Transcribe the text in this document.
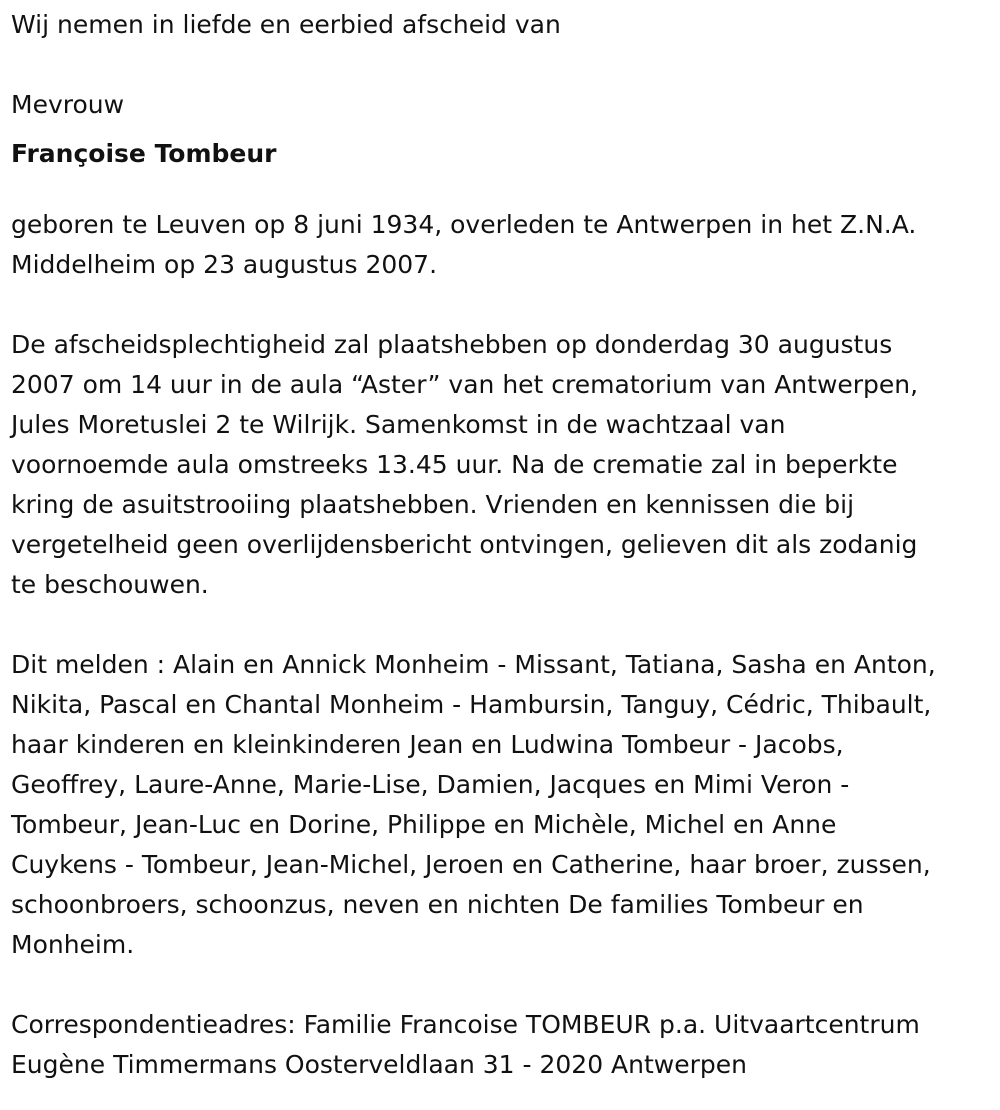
Wij nemen in liefde en eerbied afscheid van
Mevrouw
Françoise Tombeur
geboren te Leuven op 8 juni 1934, overleden te Antwerpen in het Z.N.A.
Middelheim op 23 augustus 2007.
De afscheidsplechtigheid zal plaatshebben op donderdag 30 augustus
2007 om 14 uur in de aula “Aster” van het crematorium van Antwerpen,
Jules Moretuslei 2 te Wilrijk. Samenkomst in de wachtzaal van
voornoemde aula omstreeks 13.45 uur. Na de crematie zal in beperkte
kring de asuitstrooiing plaatshebben. Vrienden en kennissen die bij
vergetelheid geen overlijdensbericht ontvingen, gelieven dit als zodanig
te beschouwen.
Dit melden : Alain en Annick Monheim - Missant, Tatiana, Sasha en Anton,
Nikita, Pascal en Chantal Monheim - Hambursin, Tanguy, Cédric, Thibault,
haar kinderen en kleinkinderen Jean en Ludwina Tombeur - Jacobs,
Geoffrey, Laure-Anne, Marie-Lise, Damien, Jacques en Mimi Veron -
Tombeur, Jean-Luc en Dorine, Philippe en Michèle, Michel en Anne
Cuykens - Tombeur, Jean-Michel, Jeroen en Catherine, haar broer, zussen,
schoonbroers, schoonzus, neven en nichten De families Tombeur en
Monheim.
Correspondentieadres: Familie Francoise TOMBEUR p.a. Uitvaartcentrum
Eugène Timmermans Oosterveldlaan 31 - 2020 Antwerpen
